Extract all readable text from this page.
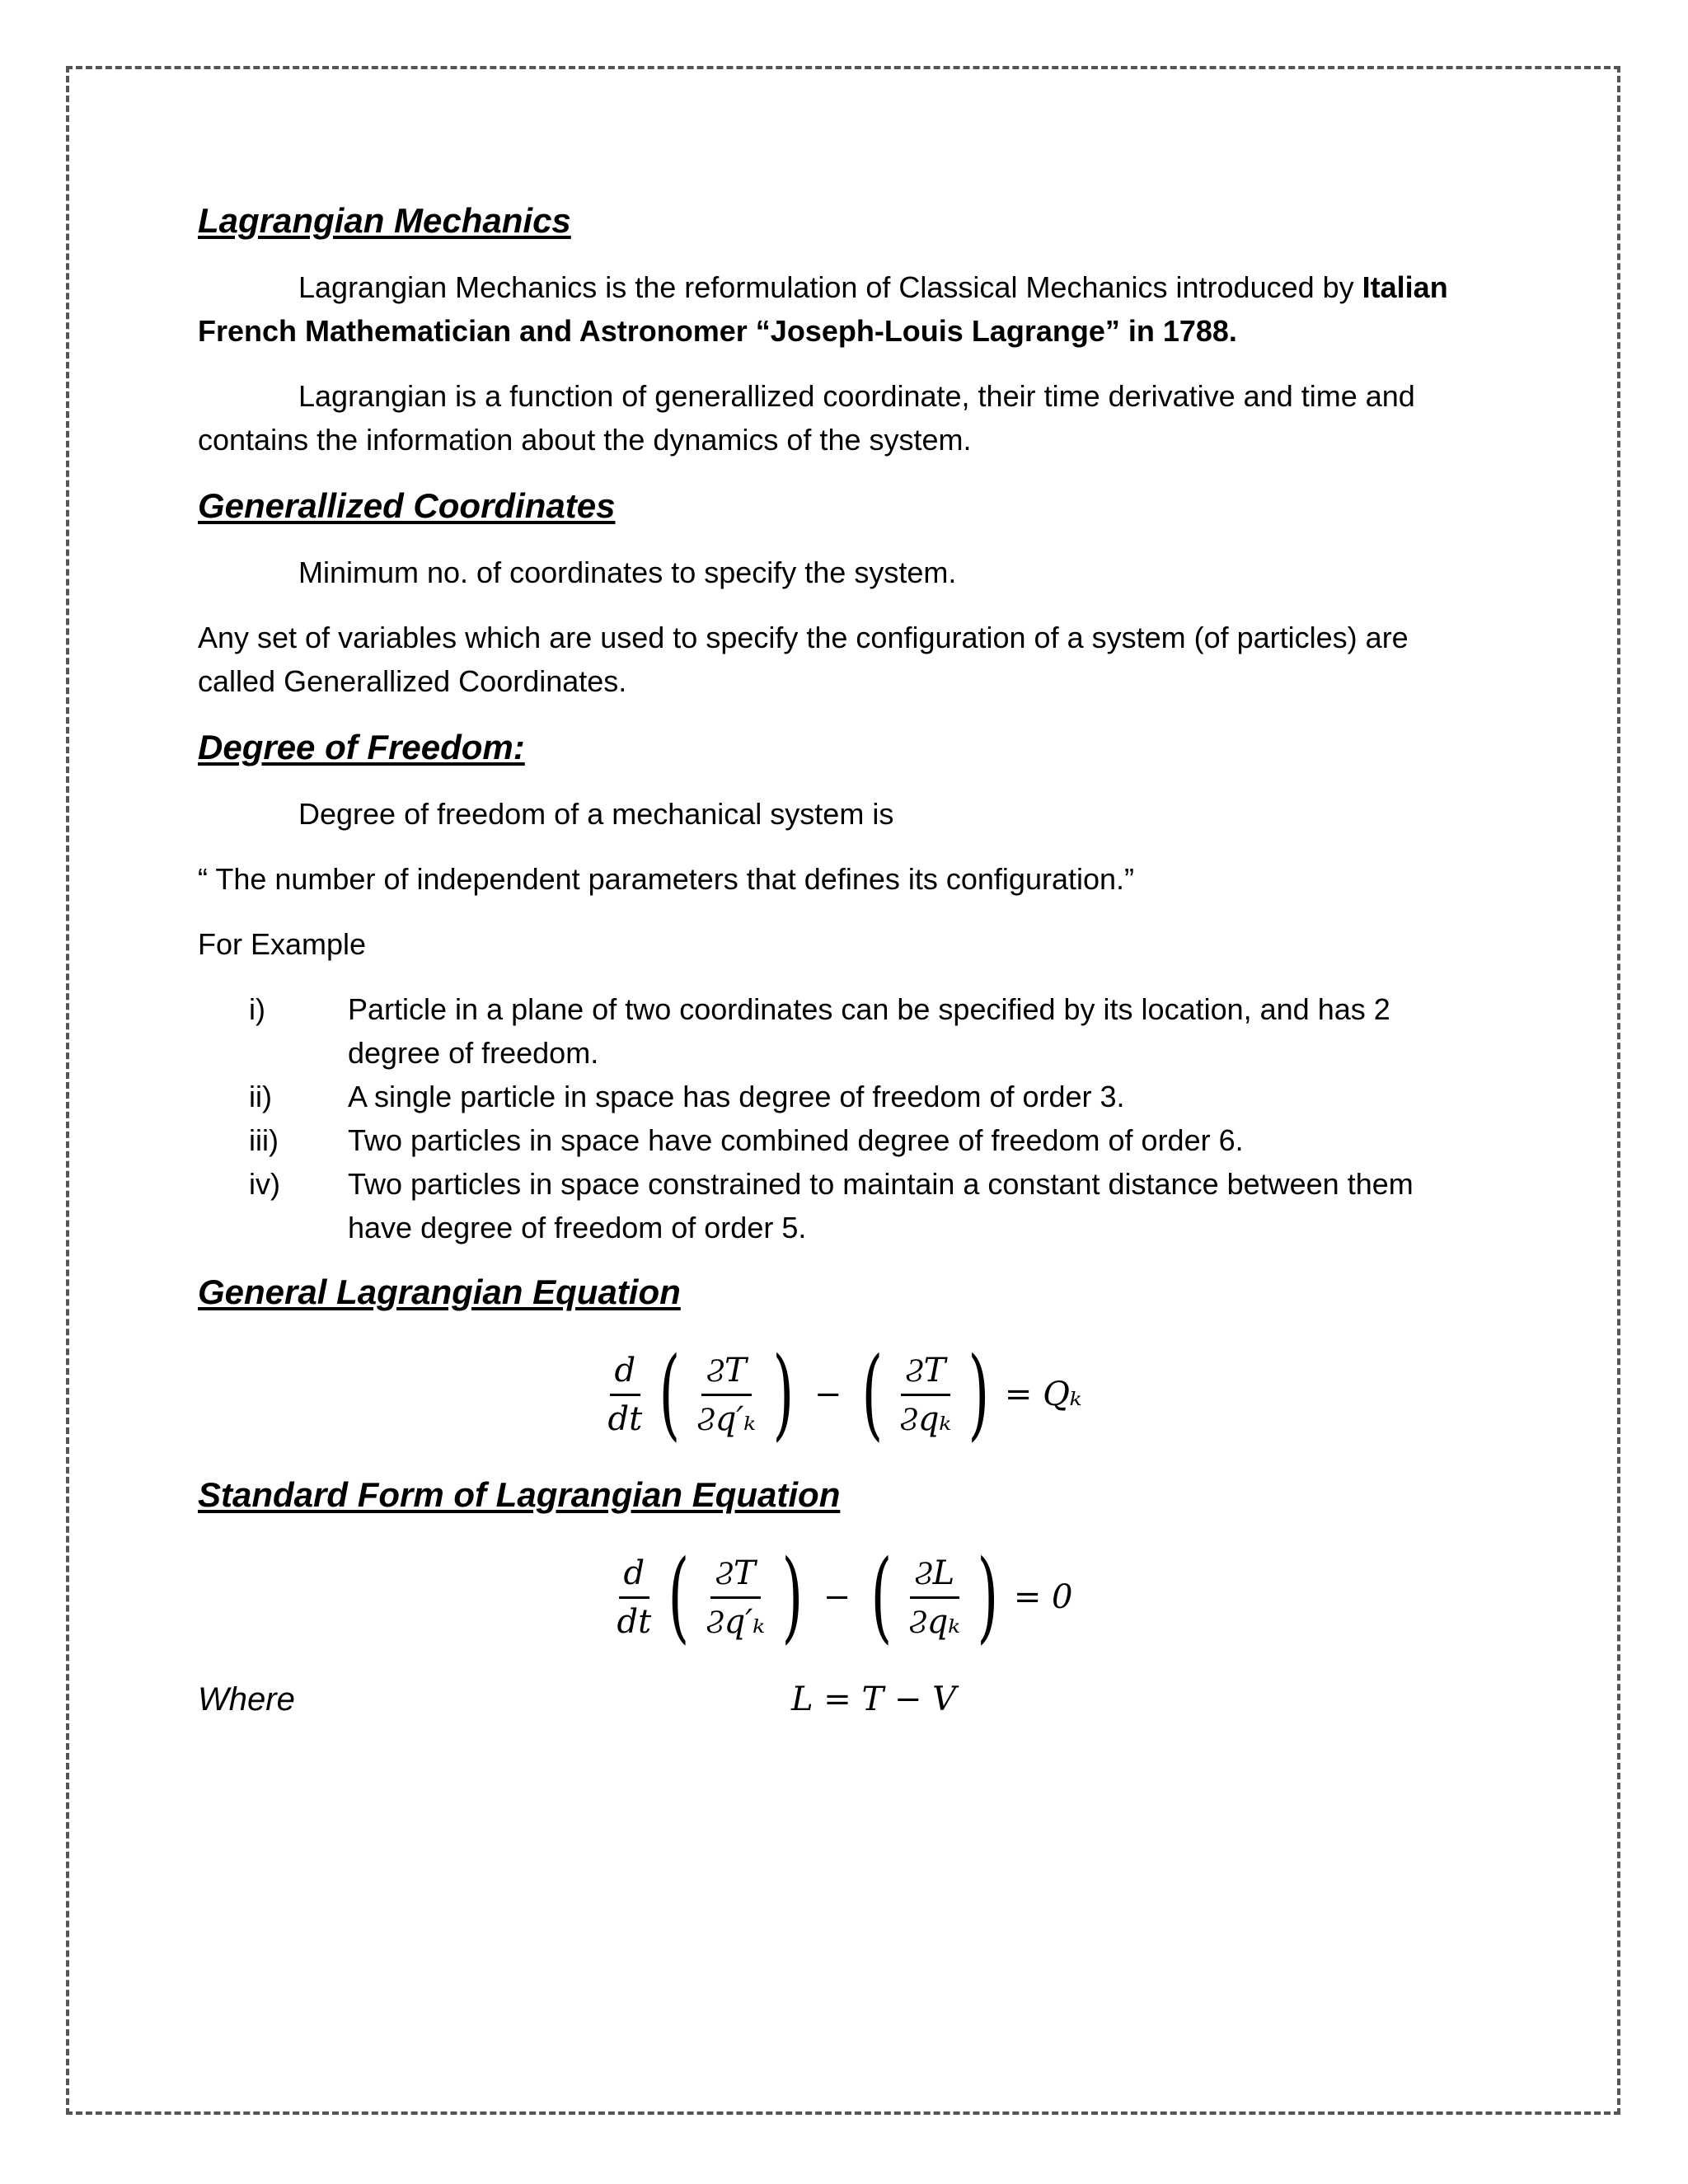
Lagrangian Mechanics

Lagrangian Mechanics is the reformulation of Classical Mechanics introduced by Italian French Mathematician and Astronomer “Joseph-Louis Lagrange” in 1788.

Lagrangian is a function of generallized coordinate, their time derivative and time and contains the information about the dynamics of the system.

Generallized Coordinates

Minimum no. of coordinates to specify the system.

Any set of variables which are used to specify the configuration of a system (of particles) are called Generallized Coordinates.

Degree of Freedom:

Degree of freedom of a mechanical system is

“ The number of independent parameters that defines its configuration.”

For Example

i)	Particle in a plane of two coordinates can be specified by its location, and has 2 degree of freedom.
ii)	A single particle in space has degree of freedom of order 3.
iii)	Two particles in space have combined degree of freedom of order 6.
iv)	Two particles in space constrained to maintain a constant distance between them have degree of freedom of order 5.
General Lagrangian Equation
$\frac{d}{dt}$ ( $\frac{ϨT}{\text{Ϩq′ₖ}}$ ) − ( $\frac{ϨT}{\text{Ϩqₖ}}$ ) = Qₖ
Standard Form of Lagrangian Equation
$\frac{d}{dt}$ ( $\frac{ϨT}{\text{Ϩq′ₖ}}$ ) − ( $\frac{ϨL}{\text{Ϩqₖ}}$ ) = 0
Where	L = T − V
